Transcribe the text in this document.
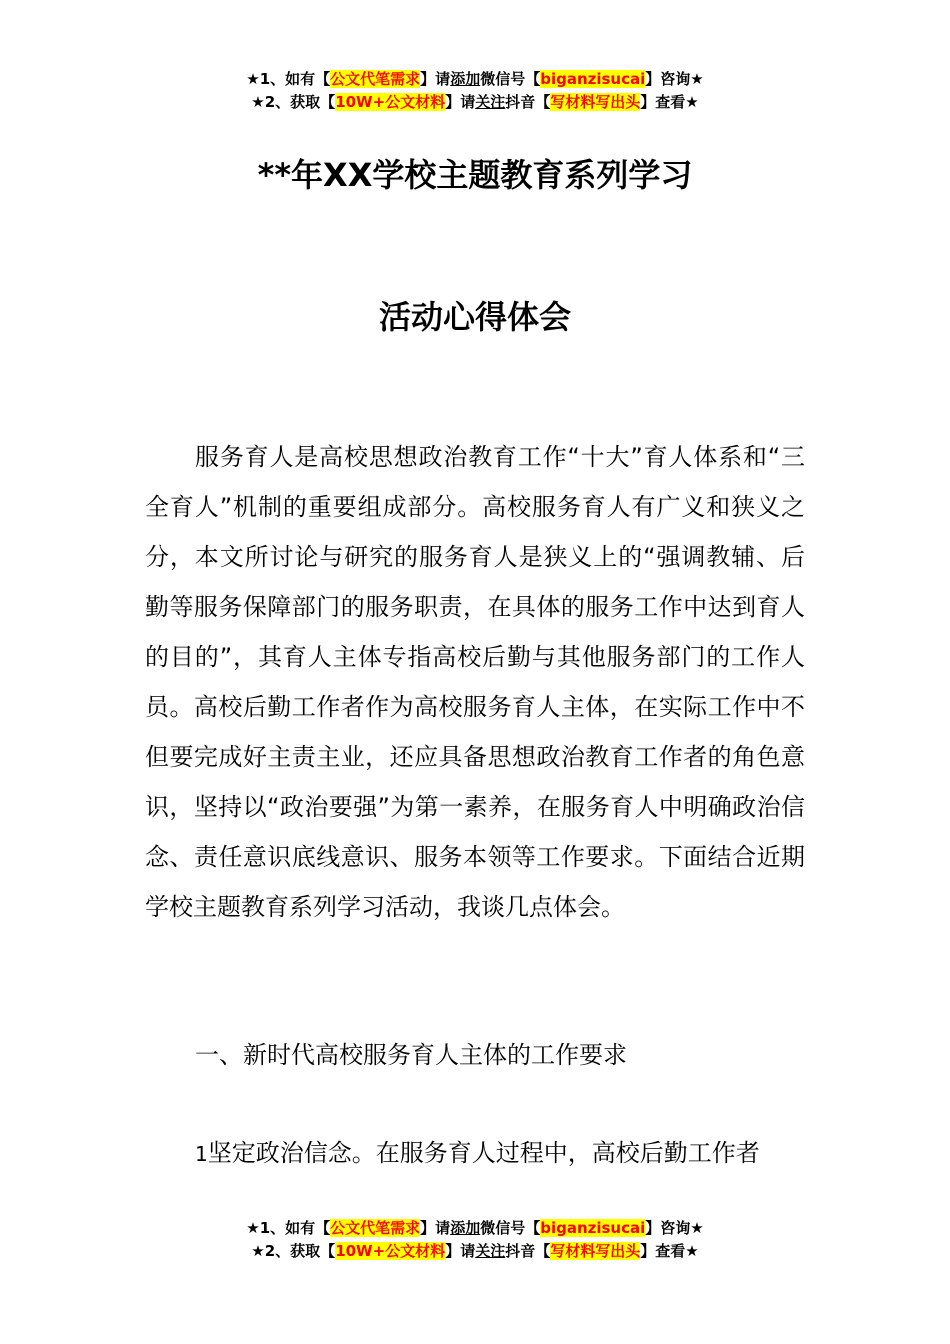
★1、如有【公文代笔需求】请添加微信号【biganzisucai】咨询★
★2、获取【10W+公文材料】请关注抖音【写材料写出头】查看★
**年XX学校主题教育系列学习
活动心得体会

服务育人是高校思想政治教育工作“十大”育人体系和“三全育人”机制的重要组成部分。高校服务育人有广义和狭义之分，本文所讨论与研究的服务育人是狭义上的“强调教辅、后勤等服务保障部门的服务职责，在具体的服务工作中达到育人的目的”，其育人主体专指高校后勤与其他服务部门的工作人员。高校后勤工作者作为高校服务育人主体，在实际工作中不但要完成好主责主业，还应具备思想政治教育工作者的角色意识，坚持以“政治要强”为第一素养，在服务育人中明确政治信念、责任意识底线意识、服务本领等工作要求。下面结合近期学校主题教育系列学习活动，我谈几点体会。

一、新时代高校服务育人主体的工作要求

1坚定政治信念。在服务育人过程中，高校后勤工作者

★1、如有【公文代笔需求】请添加微信号【biganzisucai】咨询★
★2、获取【10W+公文材料】请关注抖音【写材料写出头】查看★
